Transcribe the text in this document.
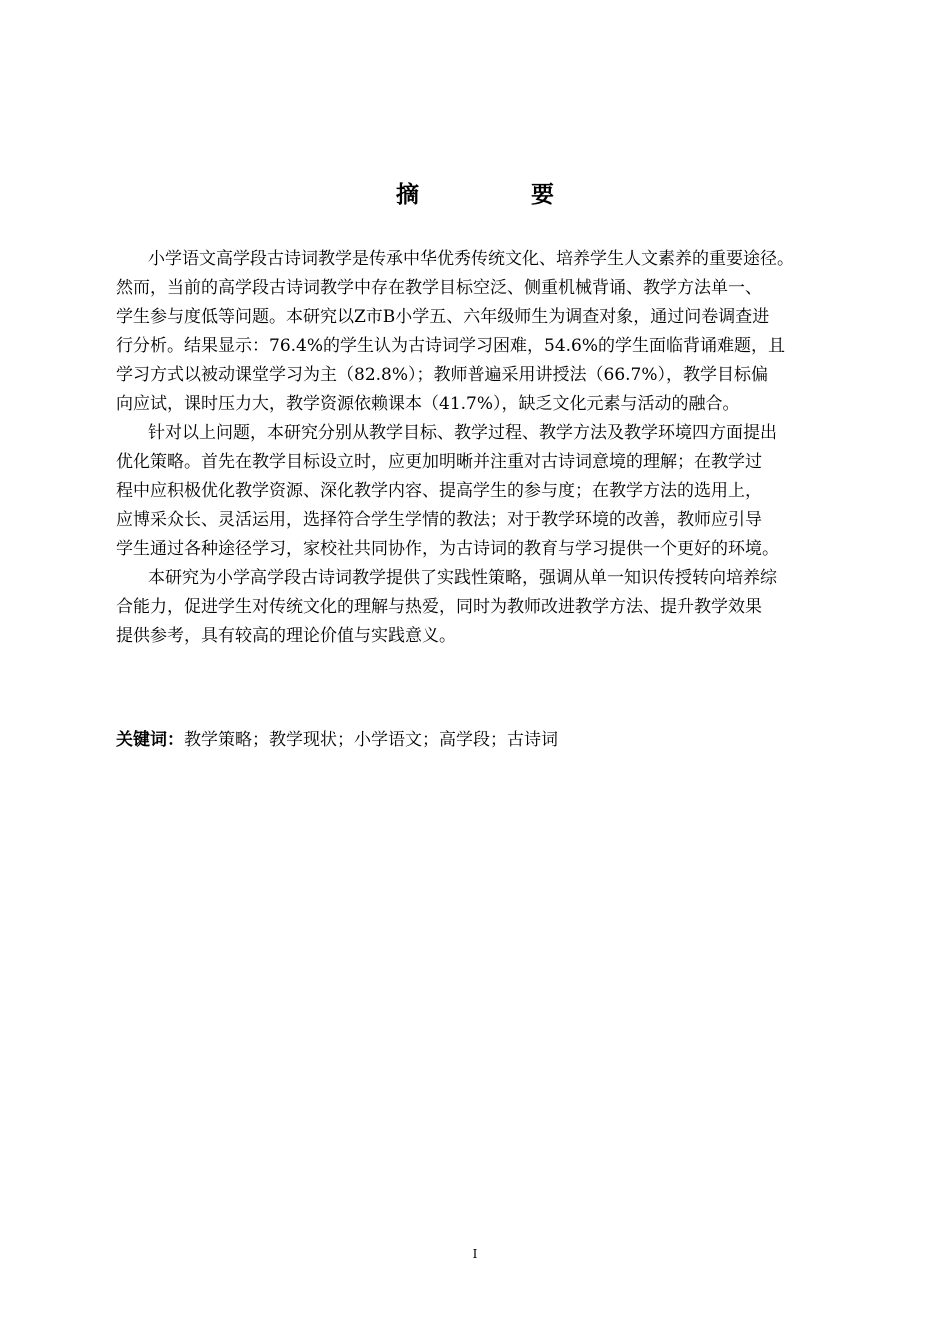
摘 要

小学语文高学段古诗词教学是传承中华优秀传统文化、培养学生人文素养的重要途径。
然而，当前的高学段古诗词教学中存在教学目标空泛、侧重机械背诵、教学方法单一、
学生参与度低等问题。本研究以Z市B小学五、六年级师生为调查对象，通过问卷调查进
行分析。结果显示：76.4%的学生认为古诗词学习困难，54.6%的学生面临背诵难题，且
学习方式以被动课堂学习为主（82.8%）；教师普遍采用讲授法（66.7%），教学目标偏
向应试，课时压力大，教学资源依赖课本（41.7%），缺乏文化元素与活动的融合。

针对以上问题，本研究分别从教学目标、教学过程、教学方法及教学环境四方面提出
优化策略。首先在教学目标设立时，应更加明晰并注重对古诗词意境的理解；在教学过
程中应积极优化教学资源、深化教学内容、提高学生的参与度；在教学方法的选用上，
应博采众长、灵活运用，选择符合学生学情的教法；对于教学环境的改善，教师应引导
学生通过各种途径学习，家校社共同协作，为古诗词的教育与学习提供一个更好的环境。

本研究为小学高学段古诗词教学提供了实践性策略，强调从单一知识传授转向培养综
合能力，促进学生对传统文化的理解与热爱，同时为教师改进教学方法、提升教学效果
提供参考，具有较高的理论价值与实践意义。

关键词：教学策略；教学现状；小学语文；高学段；古诗词
I
